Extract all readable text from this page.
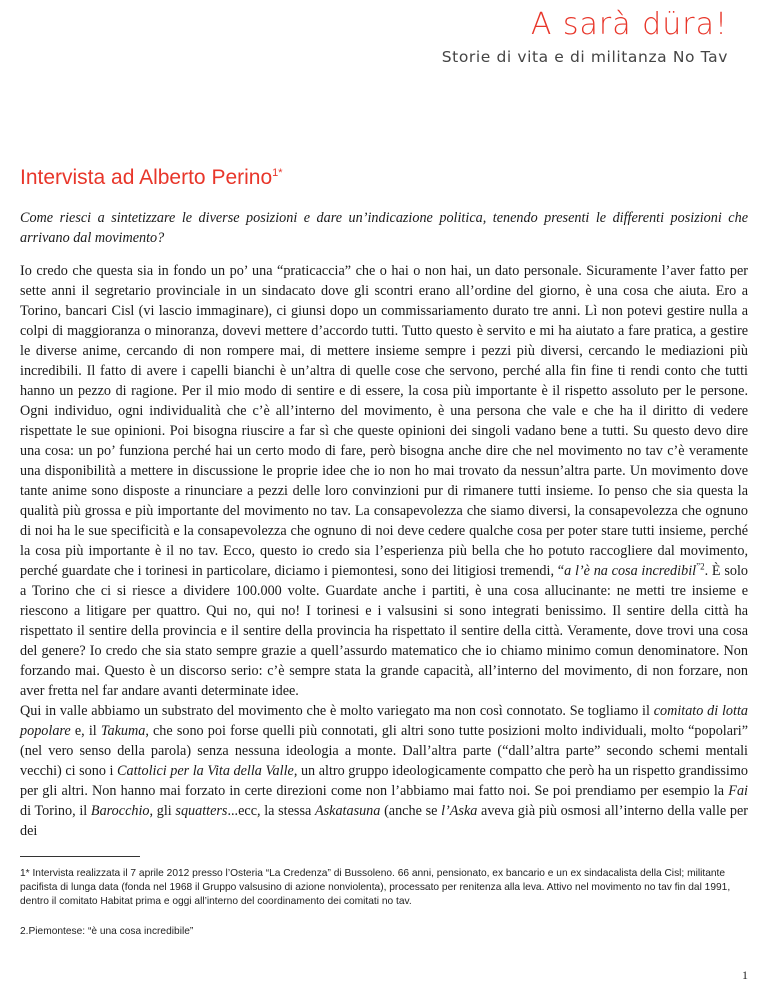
A sarà düra!
Storie di vita e di militanza No Tav
Intervista ad Alberto Perino$^{1*}$

Come riesci a sintetizzare le diverse posizioni e dare un’indicazione politica, tenendo presenti le differenti posizioni che arrivano dal movimento?

Io credo che questa sia in fondo un po’ una “praticaccia” che o hai o non hai, un dato personale. Sicuramente l’aver fatto per sette anni il segretario provinciale in un sindacato dove gli scontri erano all’ordine del giorno, è una cosa che aiuta. Ero a Torino, bancari Cisl (vi lascio immaginare), ci giunsi dopo un commissariamento durato tre anni. Lì non potevi gestire nulla a colpi di maggioranza o minoranza, dovevi mettere d’accordo tutti. Tutto questo è servito e mi ha aiutato a fare pratica, a gestire le diverse anime, cercando di non rompere mai, di mettere insieme sempre i pezzi più diversi, cercando le mediazioni più incredibili. Il fatto di avere i capelli bianchi è un’altra di quelle cose che servono, perché alla fin fine ti rendi conto che tutti hanno un pezzo di ragione. Per il mio modo di sentire e di essere, la cosa più importante è il rispetto assoluto per le persone. Ogni individuo, ogni individualità che c’è all’interno del movimento, è una persona che vale e che ha il diritto di vedere rispettate le sue opinioni. Poi bisogna riuscire a far sì che queste opinioni dei singoli vadano bene a tutti. Su questo devo dire una cosa: un po’ funziona perché hai un certo modo di fare, però bisogna anche dire che nel movimento no tav c’è veramente una disponibilità a mettere in discussione le proprie idee che io non ho mai trovato da nessun’altra parte. Un movimento dove tante anime sono disposte a rinunciare a pezzi delle loro convinzioni pur di rimanere tutti insieme. Io penso che sia questa la qualità più grossa e più importante del movimento no tav. La consapevolezza che siamo diversi, la consapevolezza che ognuno di noi ha le sue specificità e la consapevolezza che ognuno di noi deve cedere qualche cosa per poter stare tutti insieme, perché la cosa più importante è il no tav. Ecco, questo io credo sia l’esperienza più bella che ho potuto raccogliere dal movimento, perché guardate che i torinesi in particolare, diciamo i piemontesi, sono dei litigiosi tremendi, “a l’è na cosa incredibil$^{”2}$. È solo a Torino che ci si riesce a dividere 100.000 volte. Guardate anche i partiti, è una cosa allucinante: ne metti tre insieme e riescono a litigare per quattro. Qui no, qui no! I torinesi e i valsusini si sono integrati benissimo. Il sentire della città ha rispettato il sentire della provincia e il sentire della provincia ha rispettato il sentire della città. Veramente, dove trovi una cosa del genere? Io credo che sia stato sempre grazie a quell’assurdo matematico che io chiamo minimo comun denominatore. Non forzando mai. Questo è un discorso serio: c’è sempre stata la grande capacità, all’interno del movimento, di non forzare, non aver fretta nel far andare avanti determinate idee.

Qui in valle abbiamo un substrato del movimento che è molto variegato ma non così connotato. Se togliamo il comitato di lotta popolare e, il Takuma, che sono poi forse quelli più connotati, gli altri sono tutte posizioni molto individuali, molto “popolari” (nel vero senso della parola) senza nessuna ideologia a monte. Dall’altra parte (“dall’altra parte” secondo schemi mentali vecchi) ci sono i Cattolici per la Vita della Valle, un altro gruppo ideologicamente compatto che però ha un rispetto grandissimo per gli altri. Non hanno mai forzato in certe direzioni come non l’abbiamo mai fatto noi. Se poi prendiamo per esempio la Fai di Torino, il Barocchio, gli squatters...ecc, la stessa Askatasuna (anche se l’Aska aveva già più osmosi all’interno della valle per dei

1* Intervista realizzata il 7 aprile 2012 presso l’Osteria “La Credenza” di Bussoleno. 66 anni, pensionato, ex bancario e un ex sindacalista della Cisl; militante pacifista di lunga data (fonda nel 1968 il Gruppo valsusino di azione nonviolenta), processato per renitenza alla leva. Attivo nel movimento no tav fin dal 1991, dentro il comitato Habitat prima e oggi all’interno del coordinamento dei comitati no tav.

2.Piemontese: “è una cosa incredibile”

1
